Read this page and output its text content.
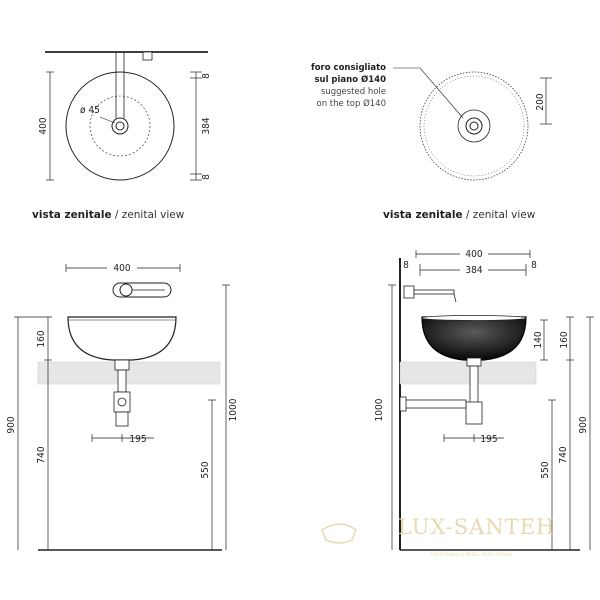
ø 45
400	384
8
8
vista zenitale / zenital view
foro consigliato
sul piano Ø140
suggested hole
on the top Ø140	200
vista zenitale / zenital view
400
195
160
900
740
550
1000
400
384
8	8
195
1000
140 160
550
740
900
LUX-SANTEH
SANTEHNIKA & MEBEL DLYA VANNOI
